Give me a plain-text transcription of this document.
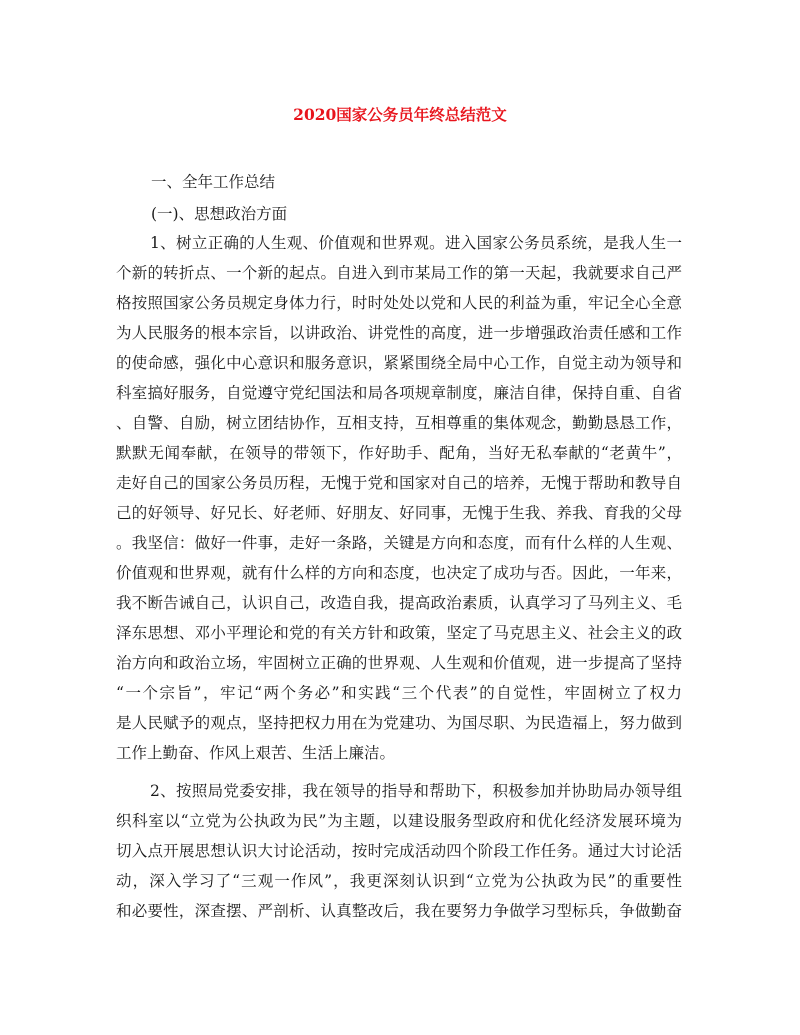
2020国家公务员年终总结范文

一、全年工作总结

(一)、思想政治方面

1、树立正确的人生观、价值观和世界观。进入国家公务员系统，是我人生一
个新的转折点、一个新的起点。自进入到市某局工作的第一天起，我就要求自己严
格按照国家公务员规定身体力行，时时处处以党和人民的利益为重，牢记全心全意
为人民服务的根本宗旨，以讲政治、讲党性的高度，进一步增强政治责任感和工作
的使命感，强化中心意识和服务意识，紧紧围绕全局中心工作，自觉主动为领导和
科室搞好服务，自觉遵守党纪国法和局各项规章制度，廉洁自律，保持自重、自省
、自警、自励，树立团结协作，互相支持，互相尊重的集体观念，勤勤恳恳工作，
默默无闻奉献，在领导的带领下，作好助手、配角，当好无私奉献的“老黄牛”，
走好自己的国家公务员历程，无愧于党和国家对自己的培养，无愧于帮助和教导自
己的好领导、好兄长、好老师、好朋友、好同事，无愧于生我、养我、育我的父母
。我坚信：做好一件事，走好一条路，关键是方向和态度，而有什么样的人生观、
价值观和世界观，就有什么样的方向和态度，也决定了成功与否。因此，一年来，
我不断告诫自己，认识自己，改造自我，提高政治素质，认真学习了马列主义、毛
泽东思想、邓小平理论和党的有关方针和政策，坚定了马克思主义、社会主义的政
治方向和政治立场，牢固树立正确的世界观、人生观和价值观，进一步提高了坚持
“一个宗旨”，牢记“两个务必”和实践“三个代表”的自觉性，牢固树立了权力
是人民赋予的观点，坚持把权力用在为党建功、为国尽职、为民造福上，努力做到
工作上勤奋、作风上艰苦、生活上廉洁。
2、按照局党委安排，我在领导的指导和帮助下，积极参加并协助局办领导组
织科室以“立党为公执政为民”为主题，以建设服务型政府和优化经济发展环境为
切入点开展思想认识大讨论活动，按时完成活动四个阶段工作任务。通过大讨论活
动，深入学习了“三观一作风”，我更深刻认识到“立党为公执政为民”的重要性
和必要性，深查摆、严剖析、认真整改后，我在要努力争做学习型标兵，争做勤奋
